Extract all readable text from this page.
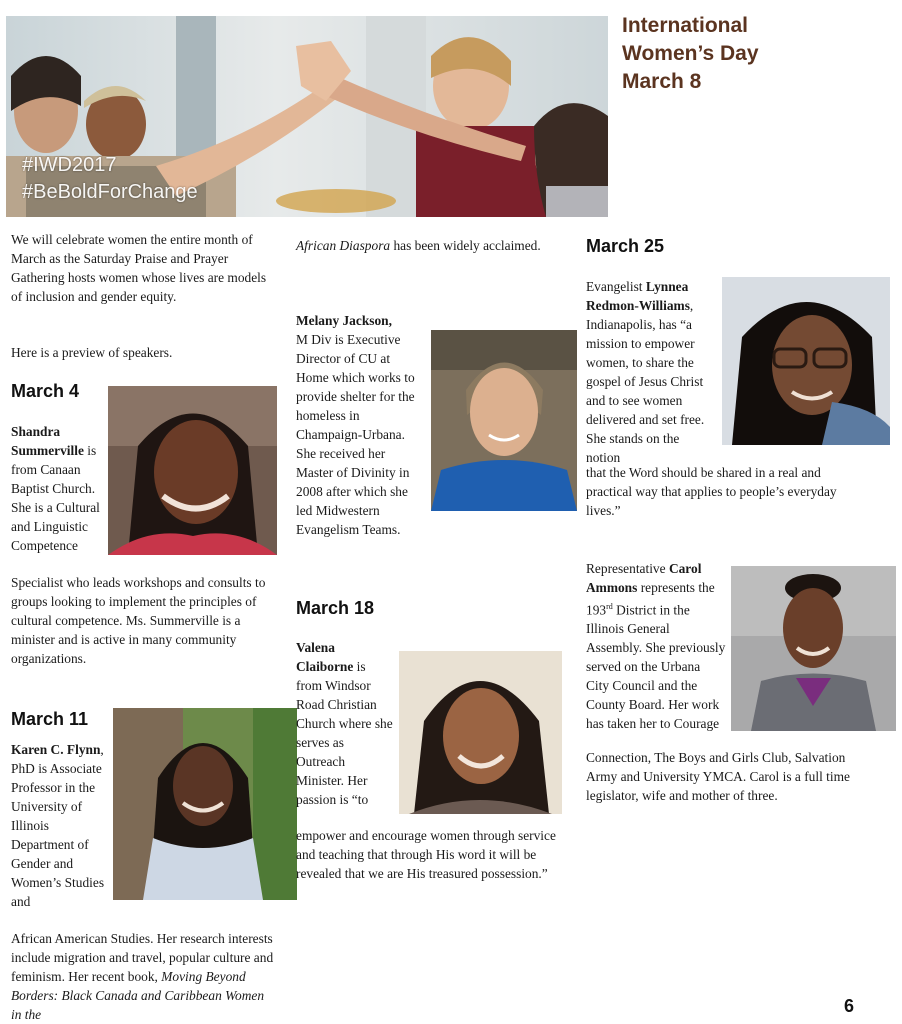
#IWD2017
#BeBoldForChange
International
Women’s Day
March 8

We will celebrate women the entire month of March as the Saturday Praise and Prayer Gathering hosts women whose lives are models of inclusion and gender equity.

Here is a preview of speakers.

March 4
Shandra Summerville is from Canaan Baptist Church. She is a Cultural and Linguistic Competence

Specialist who leads workshops and consults to groups looking to implement the principles of cultural competence. Ms. Summerville is a minister and is active in many community organizations.

March 11
Karen C. Flynn, PhD is Associate Professor in the University of Illinois Department of Gender and Women’s Studies and
African American Studies. Her research interests include migration and travel, popular culture and feminism. Her recent book, Moving Beyond Borders: Black Canada and Caribbean Women in the
African Diaspora has been widely acclaimed.
Melany Jackson,
M Div is Executive Director of CU at Home which works to provide shelter for the homeless in Champaign-Urbana. She received her Master of Divinity in 2008 after which she led Midwestern Evangelism Teams.
March 18
Valena Claiborne is from Windsor Road Christian Church where she serves as Outreach Minister. Her passion is “to

empower and encourage women through service and teaching that through His word it will be revealed that we are His treasured possession.”

March 25
Evangelist Lynnea Redmon-Williams, Indianapolis, has “a mission to empower women, to share the gospel of Jesus Christ and to see women delivered and set free. She stands on the notion

that the Word should be shared in a real and practical way that applies to people’s everyday lives.”

Representative Carol Ammons represents the 193rd District in the Illinois General Assembly. She previously served on the Urbana City Council and the County Board. Her work has taken her to Courage

Connection, The Boys and Girls Club, Salvation Army and University YMCA. Carol is a full time legislator, wife and mother of three.

6
